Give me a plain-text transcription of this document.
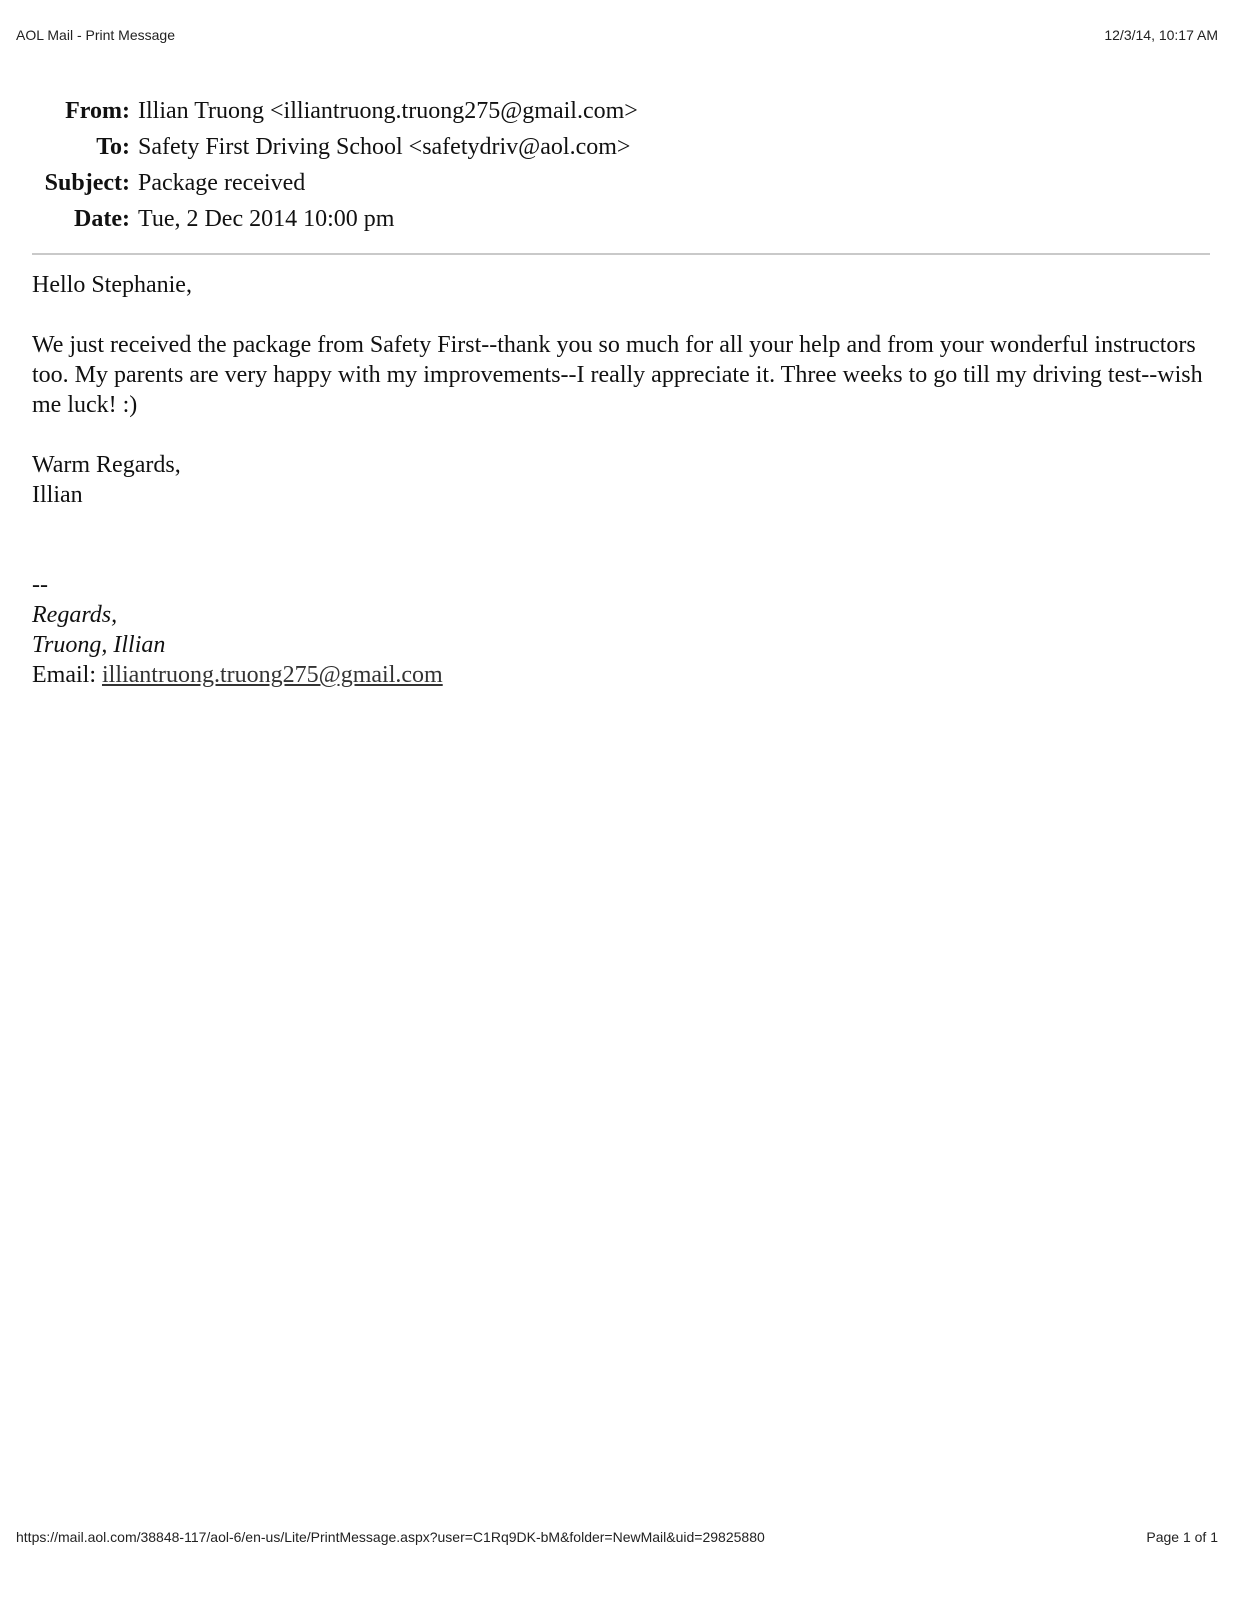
AOL Mail - Print Message	12/3/14, 10:17 AM
From: Illian Truong <illiantruong.truong275@gmail.com>
To: Safety First Driving School <safetydriv@aol.com>
Subject: Package received
Date: Tue, 2 Dec 2014 10:00 pm

Hello Stephanie,

We just received the package from Safety First--thank you so much for all your help and from your wonderful instructors too. My parents are very happy with my improvements--I really appreciate it. Three weeks to go till my driving test--wish me luck! :)

Warm Regards,

Illian

--

Regards,

Truong, Illian

Email: illiantruong.truong275@gmail.com

https://mail.aol.com/38848-117/aol-6/en-us/Lite/PrintMessage.aspx?user=C1Rq9DK-bM&folder=NewMail&uid=29825880	Page 1 of 1
